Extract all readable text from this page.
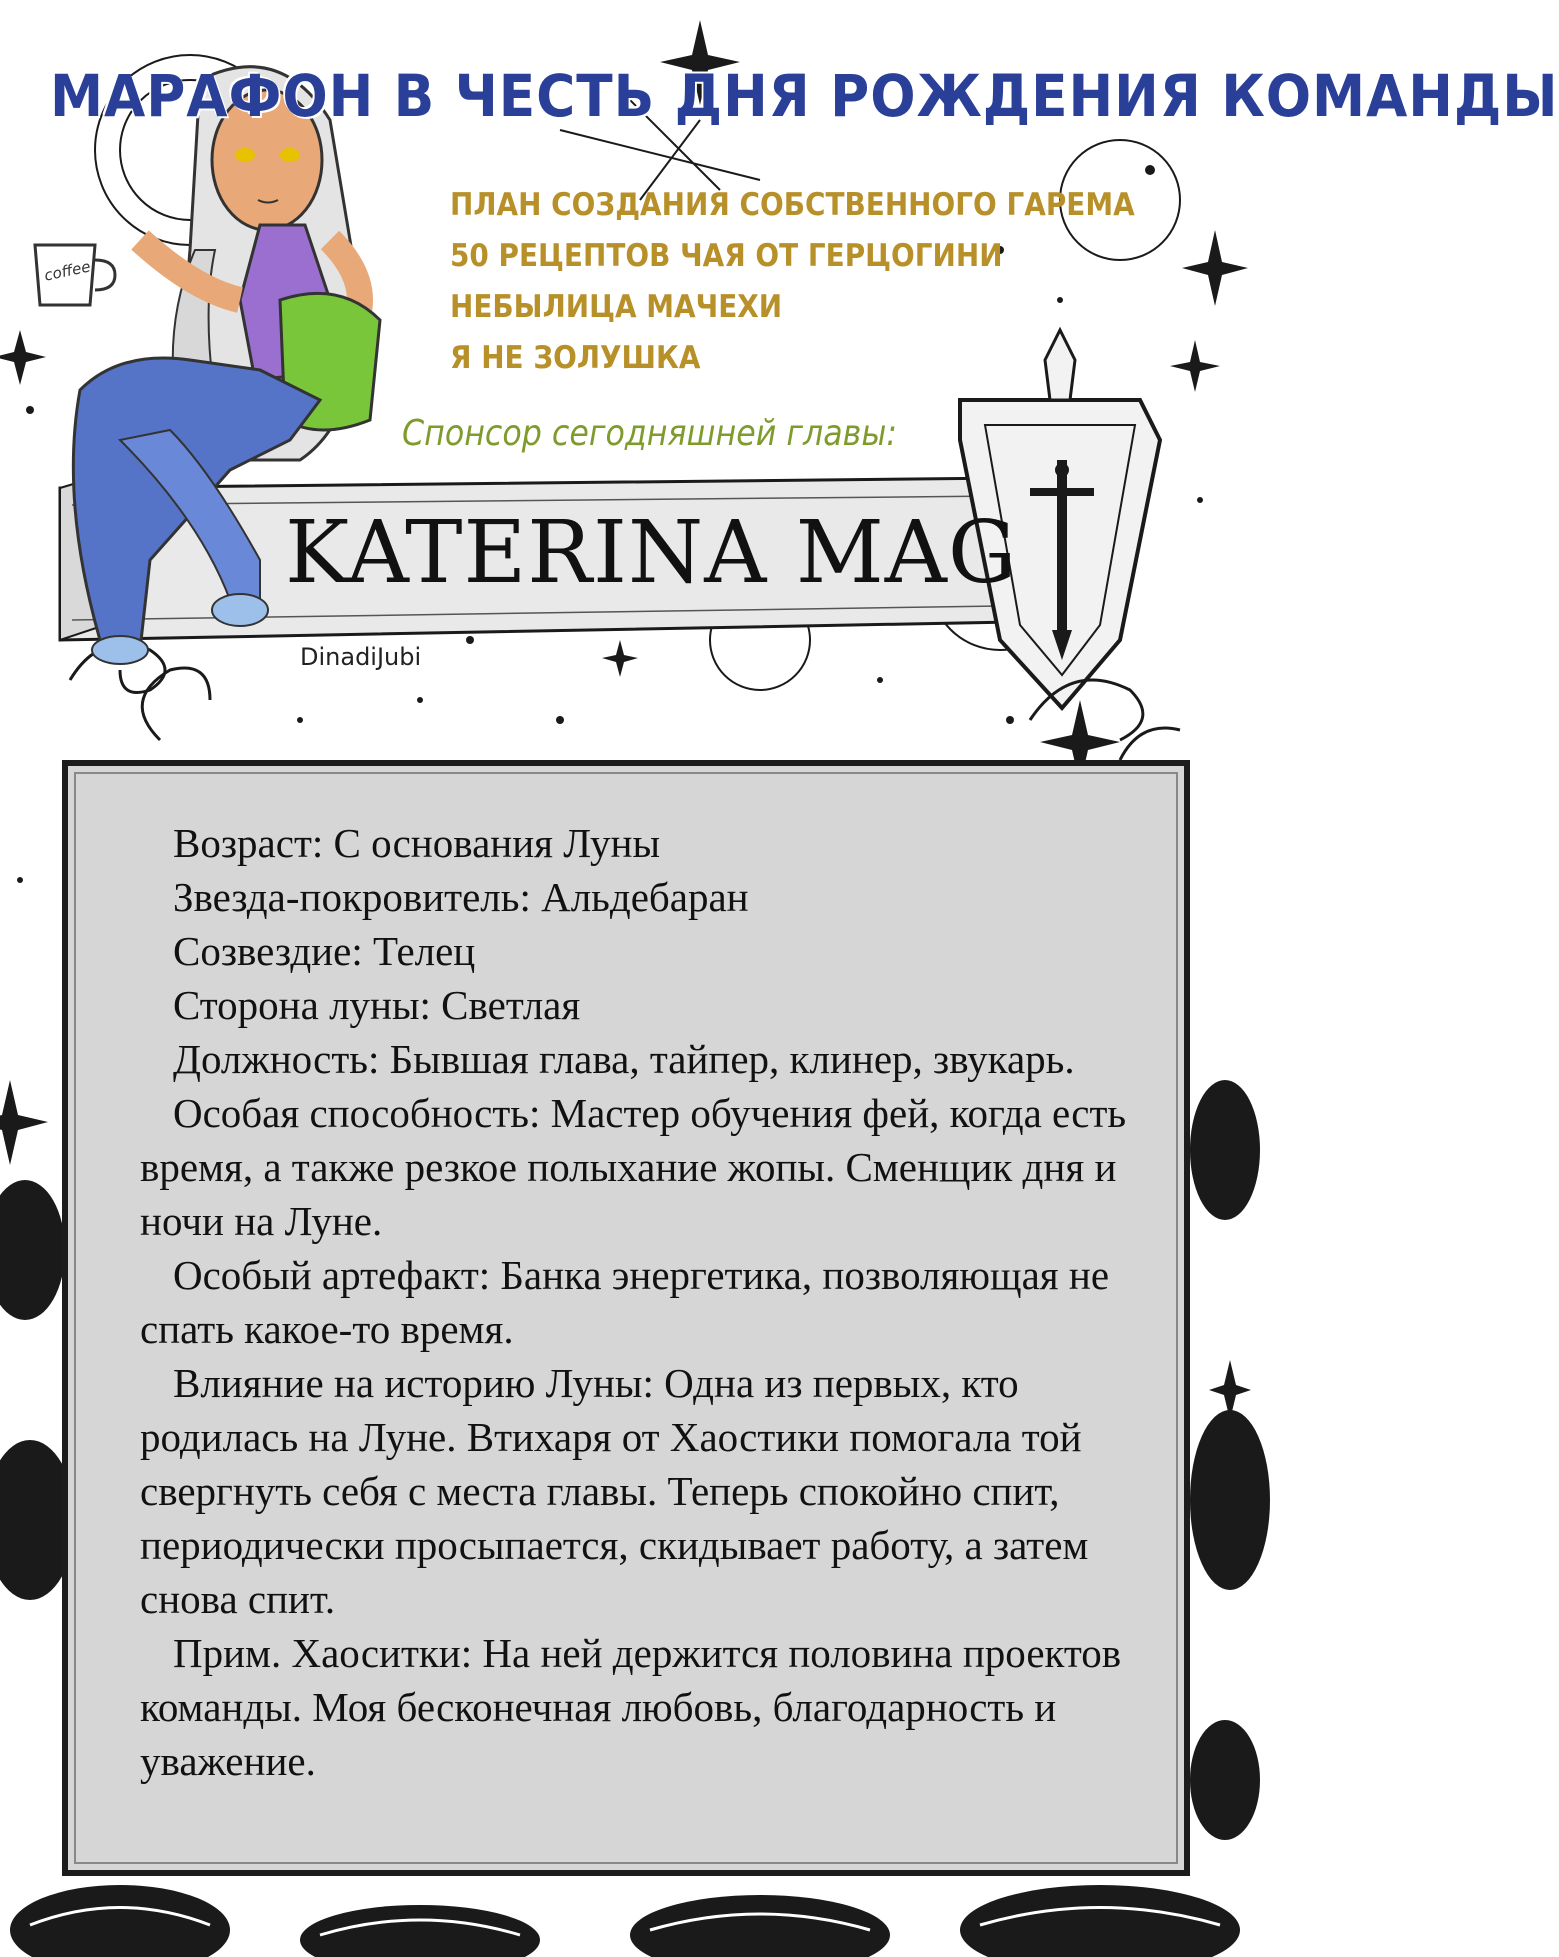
МАРАФОН В ЧЕСТЬ ДНЯ РОЖДЕНИЯ КОМАНДЫ
ПЛАН СОЗДАНИЯ СОБСТВЕННОГО ГАРЕМА
50 РЕЦЕПТОВ ЧАЯ ОТ ГЕРЦОГИНИ
НЕБЫЛИЦА МАЧЕХИ
Я НЕ ЗОЛУШКА
coffee
Спонсор сегодняшней главы:
KATERINA MAG
DinadiJubi

Возраст: С основания Луны

Звезда-покровитель: Альдебаран

Созвездие: Телец

Сторона луны: Светлая

Должность: Бывшая глава, тайпер, клинер, звукарь.

Особая способность: Мастер обучения фей, когда есть время, а также резкое полыхание жопы. Сменщик дня и ночи на Луне.

Особый артефакт: Банка энергетика, позволяющая не спать какое-то время.

Влияние на историю Луны: Одна из первых, кто родилась на Луне. Втихаря от Хаостики помогала той свергнуть себя с места главы. Теперь спокойно спит, периодически просыпается, скидывает работу, а затем снова спит.

Прим. Хаоситки: На ней держится половина проектов команды. Моя бесконечная любовь, благодарность и уважение.
